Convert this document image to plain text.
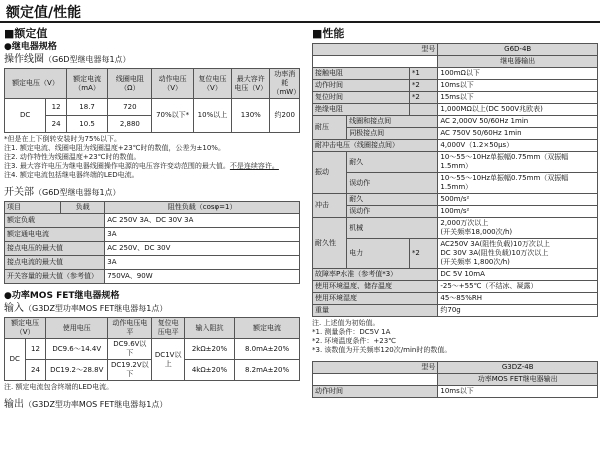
额定值/性能
■额定值
●继电器规格
操作线圈（G6D型继电器每1点）
额定电压（V）		额定电流（mA）	线圈电阻（Ω）	动作电压（V）	复位电压（V）	最大容许电压（V）	功率消耗（mW）
DC	12	18.7	720	70%以下*	10%以上	130%	约200
	24	10.5	2,880				
*但是在上下倒转安装时为75%以下。
注1. 额定电流、线圈电阻为线圈温度+23℃时的数值，公差为±10%。
注2. 动作特性为线圈温度+23℃时的数值。
注3. 最大容许电压为继电器线圈操作电源的电压容许变动范围的最大值。不是连续容许。
注4. 额定电流包括继电器终端的LED电流。
开关部（G6D型继电器每1点）
项目	负载	阻性负载（cosφ=1）
额定负载		AC 250V 3A、DC 30V 3A
额定通电电流		3A
接点电压的最大值		AC 250V、DC 30V
接点电流的最大值		3A
开关容量的最大值（参考值）		750VA、90W
●功率MOS FET继电器规格
输入（G3DZ型功率MOS FET继电器每1点）
额定电压（V）		使用电压	动作电压电平	复位电压电平	输入阻抗	额定电流
DC	12	DC9.6～14.4V	DC9.6V以下	DC1V以上	2kΩ±20%	8.0mA±20%
	24	DC19.2～28.8V	DC19.2V以下		4kΩ±20%	8.2mA±20%
注. 额定电流包含终端的LED电流。
输出（G3DZ型功率MOS FET继电器每1点）
■性能
型号			G6D-4B
			继电器输出
接触电阻		*1	100mΩ以下
动作时间		*2	10ms以下
复位时间		*2	15ms以下
绝缘电阻			1,000MΩ以上(DC 500V兆欧表)
耐压	线圈和接点间		AC 2,000V 50/60Hz 1min
	同极接点间		AC 750V 50/60Hz 1min
耐冲击电压（线圈接点间）			4,000V（1.2×50μs）
振动	耐久		10～55～10Hz单振幅0.75mm（双振幅1.5mm）
	误动作		10～55～10Hz单振幅0.75mm（双振幅1.5mm）
冲击	耐久		500m/s²
	误动作		100m/s²
耐久性	机械		2,000万次以上
(开关频率18,000次/h)

	电力	*2	AC250V 3A(阻性负载)10万次以上
DC 30V 3A(阻性负载)10万次以上
(开关频率 1,800次/h)

故障率P水准（参考值*3）			DC 5V 10mA
使用环境温度、储存温度			-25～+55℃（不结冰、凝露）
使用环境湿度			45～85%RH
重量			约70g
注. 上述值为初始值。
*1. 测量条件：DC5V 1A
*2. 环境温度条件：+23℃
*3. 该数值为开关频率120次/min时的数值。
型号	G3DZ-4B
	功率MOS FET继电器输出
动作时间	10ms以下
